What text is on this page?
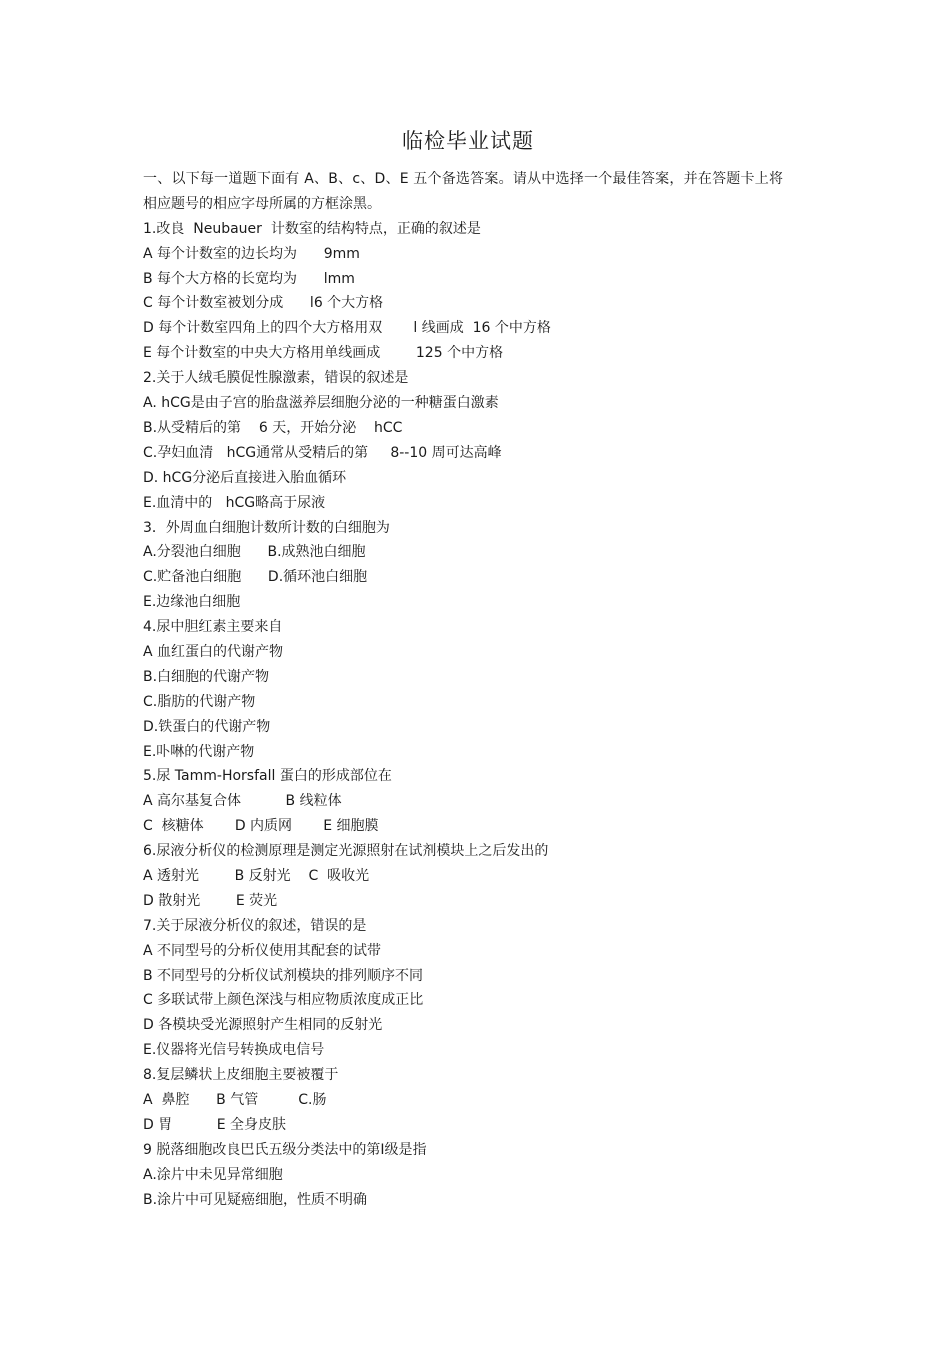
临检毕业试题
一、以下每一道题下面有 A、B、c、D、E 五个备选答案。请从中选择一个最佳答案，并在答题卡上将相应题号的相应字母所属的方框涂黑。
1.改良  Neubauer  计数室的结构特点，正确的叙述是
A 每个计数室的边长均为      9mm
B 每个大方格的长宽均为      lmm
C 每个计数室被划分成      l6 个大方格
D 每个计数室四角上的四个大方格用双       l 线画成  16 个中方格
E 每个计数室的中央大方格用单线画成        125 个中方格
2.关于人绒毛膜促性腺激素，错误的叙述是
A. hCG是由子宫的胎盘滋养层细胞分泌的一种糖蛋白激素
B.从受精后的第    6 天，开始分泌    hCC
C.孕妇血清   hCG通常从受精后的第     8--10 周可达高峰
D. hCG分泌后直接进入胎血循环
E.血清中的   hCG略高于尿液
3．外周血白细胞计数所计数的白细胞为
A.分裂池白细胞      B.成熟池白细胞
C.贮备池白细胞      D.循环池白细胞
E.边缘池白细胞
4.尿中胆红素主要来自
A 血红蛋白的代谢产物
B.白细胞的代谢产物
C.脂肪的代谢产物
D.铁蛋白的代谢产物
E.卟啉的代谢产物
5.尿 Tamm-Horsfall 蛋白的形成部位在
A 高尔基复合体          B 线粒体
C  核糖体       D 内质网       E 细胞膜
6.尿液分析仪的检测原理是测定光源照射在试剂模块上之后发出的
A 透射光        B 反射光    C  吸收光
D 散射光        E 荧光
7.关于尿液分析仪的叙述，错误的是
A 不同型号的分析仪使用其配套的试带
B 不同型号的分析仪试剂模块的排列顺序不同
C 多联试带上颜色深浅与相应物质浓度成正比
D 各模块受光源照射产生相同的反射光
E.仪器将光信号转换成电信号
8.复层鳞状上皮细胞主要被覆于
A  鼻腔      B 气管         C.肠
D 胃          E 全身皮肤
9 脱落细胞改良巴氏五级分类法中的第Ⅰ级是指
A.涂片中未见异常细胞
B.涂片中可见疑癌细胞，性质不明确
